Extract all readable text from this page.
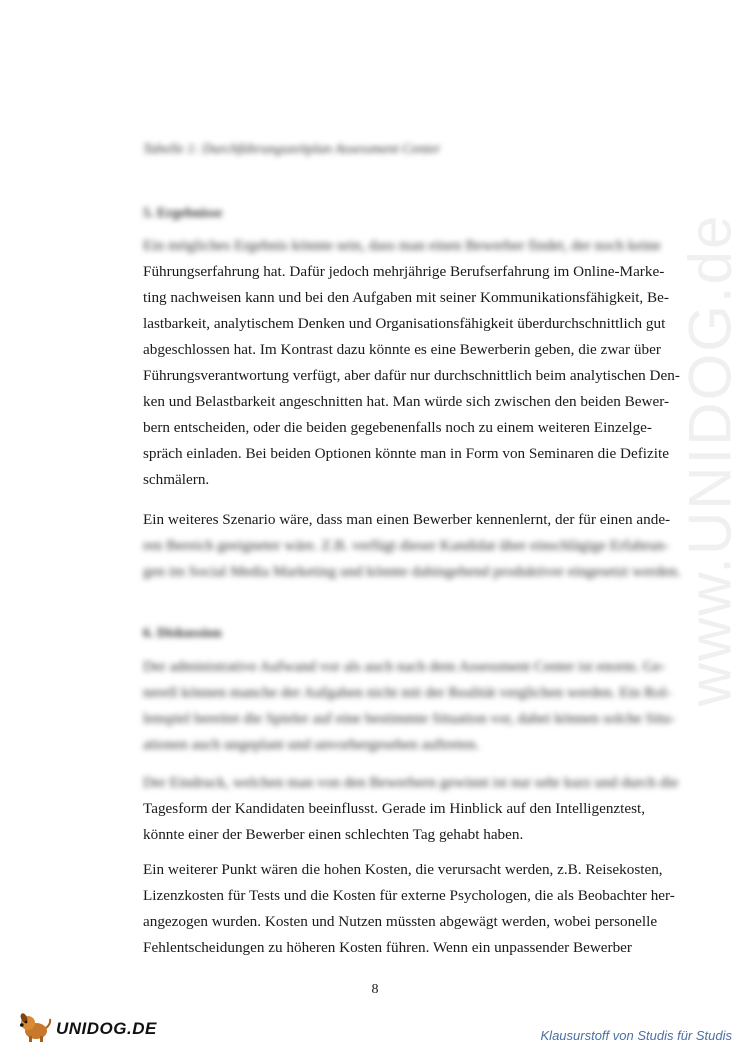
www.UNIDOG.de
Tabelle 1: Durchführungszeitplan Assessment Center
5. Ergebnisse
Ein mögliches Ergebnis könnte sein, dass man einen Bewerber findet, der noch keine
Führungserfahrung hat. Dafür jedoch mehrjährige Berufserfahrung im Online-Marke-
ting nachweisen kann und bei den Aufgaben mit seiner Kommunikationsfähigkeit, Be-
lastbarkeit, analytischem Denken und Organisationsfähigkeit überdurchschnittlich gut
abgeschlossen hat. Im Kontrast dazu könnte es eine Bewerberin geben, die zwar über
Führungsverantwortung verfügt, aber dafür nur durchschnittlich beim analytischen Den-
ken und Belastbarkeit angeschnitten hat. Man würde sich zwischen den beiden Bewer-
bern entscheiden, oder die beiden gegebenenfalls noch zu einem weiteren Einzelge-
spräch einladen. Bei beiden Optionen könnte man in Form von Seminaren die Defizite
schmälern.
Ein weiteres Szenario wäre, dass man einen Bewerber kennenlernt, der für einen ande-
ren Bereich geeigneter wäre. Z.B. verfügt dieser Kandidat über einschlägige Erfahrun-
gen im Social Media Marketing und könnte dahingehend produktiver eingesetzt werden.
6. Diskussion
Der administrative Aufwand vor als auch nach dem Assessment Center ist enorm. Ge-
nerell können manche der Aufgaben nicht mit der Realität verglichen werden. Ein Rol-
lenspiel bereitet die Spieler auf eine bestimmte Situation vor, dabei können solche Situ-
ationen auch ungeplant und unvorhergesehen auftreten.
Der Eindruck, welchen man von den Bewerbern gewinnt ist nur sehr kurz und durch die
Tagesform der Kandidaten beeinflusst. Gerade im Hinblick auf den Intelligenztest,
könnte einer der Bewerber einen schlechten Tag gehabt haben.
Ein weiterer Punkt wären die hohen Kosten, die verursacht werden, z.B. Reisekosten,
Lizenzkosten für Tests und die Kosten für externe Psychologen, die als Beobachter her-
angezogen wurden. Kosten und Nutzen müssten abgewägt werden, wobei personelle
Fehlentscheidungen zu höheren Kosten führen. Wenn ein unpassender Bewerber
8
UNIDOG.DE	Klausurstoff von Studis für Studis
